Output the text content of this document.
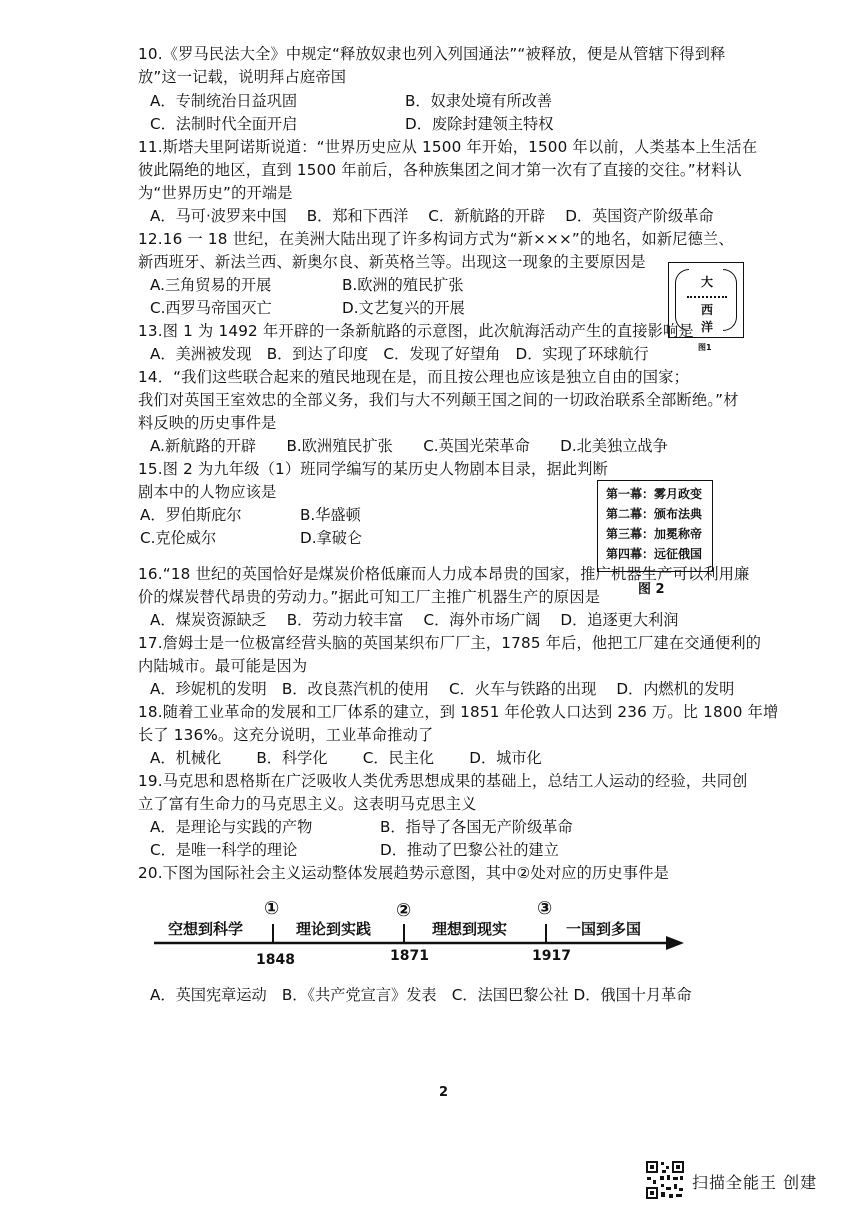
10.《罗马民法大全》中规定“释放奴隶也列入列国通法”“被释放，便是从管辖下得到释
放”这一记载，说明拜占庭帝国
A．专制统治日益巩固	B．奴隶处境有所改善
C．法制时代全面开启	D．废除封建领主特权
11.斯塔夫里阿诺斯说道：“世界历史应从 1500 年开始，1500 年以前，人类基本上生活在
彼此隔绝的地区，直到 1500 年前后，各种族集团之间才第一次有了直接的交往。”材料认
为“世界历史”的开端是
A．马可·波罗来中国　 B．郑和下西洋　 C．新航路的开辟　 D．英国资产阶级革命
12.16 一 18 世纪，在美洲大陆出现了许多构词方式为“新×××”的地名，如新尼德兰、
新西班牙、新法兰西、新奥尔良、新英格兰等。出现这一现象的主要原因是
A.三角贸易的开展	B.欧洲的殖民扩张
C.西罗马帝国灭亡	D.文艺复兴的开展
大
西
洋
图1
13.图 1 为 1492 年开辟的一条新航路的示意图，此次航海活动产生的直接影响是
A．美洲被发现　B．到达了印度　C．发现了好望角　D．实现了环球航行
14．“我们这些联合起来的殖民地现在是，而且按公理也应该是独立自由的国家；
我们对英国王室效忠的全部义务，我们与大不列颠王国之间的一切政治联系全部断绝。”材
料反映的历史事件是
A.新航路的开辟　　B.欧洲殖民扩张　　C.英国光荣革命　　D.北美独立战争
15.图 2 为九年级（1）班同学编写的某历史人物剧本目录，据此判断
剧本中的人物应该是
A．罗伯斯庇尔	B.华盛顿
C.克伦威尔	D.拿破仑
第一幕：雾月政变
第二幕：颁布法典
第三幕：加冕称帝
第四幕：远征俄国
图 2
16.“18 世纪的英国恰好是煤炭价格低廉而人力成本昂贵的国家，推广机器生产可以利用廉
价的煤炭替代昂贵的劳动力。”据此可知工厂主推广机器生产的原因是
A．煤炭资源缺乏　 B．劳动力较丰富　 C．海外市场广阔　 D．追逐更大利润
17.詹姆士是一位极富经营头脑的英国某织布厂厂主，1785 年后，他把工厂建在交通便利的
内陆城市。最可能是因为
A．珍妮机的发明　B．改良蒸汽机的使用　 C．火车与铁路的出现　 D．内燃机的发明
18.随着工业革命的发展和工厂体系的建立，到 1851 年伦敦人口达到 236 万。比 1800 年增
长了 136%。这充分说明，工业革命推动了
A．机械化　　 B．科学化　　 C．民主化　　 D．城市化
19.马克思和恩格斯在广泛吸收人类优秀思想成果的基础上，总结工人运动的经验，共同创
立了富有生命力的马克思主义。这表明马克思主义
A．是理论与实践的产物	B．指导了各国无产阶级革命
C．是唯一科学的理论	D．推动了巴黎公社的建立
20.下图为国际社会主义运动整体发展趋势示意图，其中②处对应的历史事件是
空想到科学	理论到实践	理想到现实	一国到多国
①	②	③
1848	1871	1917
A．英国宪章运动　B．《共产党宣言》发表　C．法国巴黎公社 D．俄国十月革命
2
扫描全能王 创建
